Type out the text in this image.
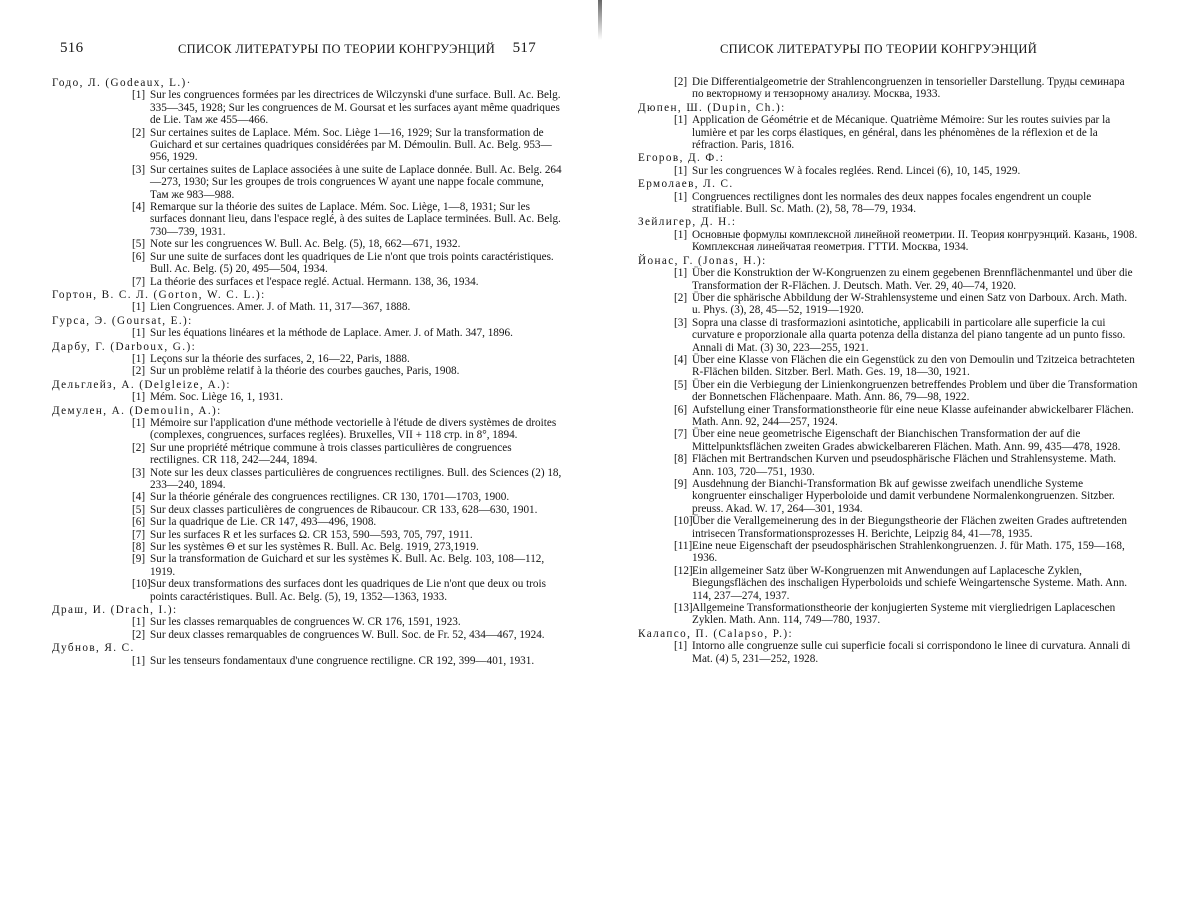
516	СПИСОК ЛИТЕРАТУРЫ ПО ТЕОРИИ КОНГРУЭНЦИЙ
Годо, Л. (Godeaux, L.)·
[1] Sur les congruences formées par les directrices de Wilczynski d'une surface. Bull. Ac. Belg. 335—345, 1928; Sur les congruences de M. Goursat et les surfaces ayant même quadriques de Lie. Там же 455—466.
[2] Sur certaines suites de Laplace. Mém. Soc. Liège 1—16, 1929; Sur la transformation de Guichard et sur certaines quadriques considérées par M. Démoulin. Bull. Ac. Belg. 953—956, 1929.
[3] Sur certaines suites de Laplace associées à une suite de Laplace donnée. Bull. Ac. Belg. 264—273, 1930; Sur les groupes de trois congruences W ayant une nappe focale commune, Там же 983—988.
[4] Remarque sur la théorie des suites de Laplace. Mém. Soc. Liège, 1—8, 1931; Sur les surfaces donnant lieu, dans l'espace reglé, à des suites de Laplace terminées. Bull. Ac. Belg. 730—739, 1931.
[5] Note sur les congruences W. Bull. Ac. Belg. (5), 18, 662—671, 1932.
[6] Sur une suite de surfaces dont les quadriques de Lie n'ont que trois points caractéristiques. Bull. Ac. Belg. (5) 20, 495—504, 1934.
[7] La théorie des surfaces et l'espace reglé. Actual. Hermann. 138, 36, 1934.
Гортон, В. С. Л. (Gorton, W. C. L.):
[1] Lien Congruences. Amer. J. of Math. 11, 317—367, 1888.
Гурса, Э. (Goursat, E.):
[1] Sur les équations linéares et la méthode de Laplace. Amer. J. of Math. 347, 1896.
Дарбу, Г. (Darboux, G.):
[1] Leçons sur la théorie des surfaces, 2, 16—22, Paris, 1888.
[2] Sur un problème relatif à la théorie des courbes gauches, Paris, 1908.
Дельглейз, А. (Delgleize, A.):
[1] Mém. Soc. Liège 16, 1, 1931.
Демулен, А. (Demoulin, A.):
[1] Mémoire sur l'application d'une méthode vectorielle à l'étude de divers systèmes de droites (complexes, congruences, surfaces reglées). Bruxelles, VII + 118 стр. in 8°, 1894.
[2] Sur une propriété métrique commune à trois classes particulières de congruences rectilignes. CR 118, 242—244, 1894.
[3] Note sur les deux classes particulières de congruences rectilignes. Bull. des Sciences (2) 18, 233—240, 1894.
[4] Sur la théorie générale des congruences rectilignes. CR 130, 1701—1703, 1900.
[5] Sur deux classes particulières de congruences de Ribaucour. CR 133, 628—630, 1901.
[6] Sur la quadrique de Lie. CR 147, 493—496, 1908.
[7] Sur les surfaces R et les surfaces Ω. CR 153, 590—593, 705, 797, 1911.
[8] Sur les systèmes Θ et sur les systèmes R. Bull. Ac. Belg. 1919, 273,1919.
[9] Sur la transformation de Guichard et sur les systèmes K. Bull. Ac. Belg. 103, 108—112, 1919.
[10]Sur deux transformations des surfaces dont les quadriques de Lie n'ont que deux ou trois points caractéristiques. Bull. Ac. Belg. (5), 19, 1352—1363, 1933.
Драш, И. (Drach, I.):
[1] Sur les classes remarquables de congruences W. CR 176, 1591, 1923.
[2] Sur deux classes remarquables de congruences W. Bull. Soc. de Fr. 52, 434—467, 1924.
Дубнов, Я. С.
[1] Sur les tenseurs fondamentaux d'une congruence rectiligne. CR 192, 399—401, 1931.
СПИСОК ЛИТЕРАТУРЫ ПО ТЕОРИИ КОНГРУЭНЦИЙ
517
[2] Die Differentialgeometrie der Strahlencongruenzen in tensorieller Darstellung. Труды семинара по векторному и тензорному анализу. Москва, 1933.
Дюпен, Ш. (Dupin, Ch.):
[1] Application de Géométrie et de Mécanique. Quatrième Mémoire: Sur les routes suivies par la lumière et par les corps élastiques, en général, dans les phénomènes de la réflexion et de la réfraction. Paris, 1816.
Егоров, Д. Ф.:
[1] Sur les congruences W à focales reglées. Rend. Lincei (6), 10, 145, 1929.
Ермолаев, Л. С.
[1] Congruences rectilignes dont les normales des deux nappes focales engendrent un couple stratifiable. Bull. Sc. Math. (2), 58, 78—79, 1934.
Зейлигер, Д. Н.:
[1] Основные формулы комплексной линейной геометрии. II. Теория конгруэнций. Казань, 1908. Комплексная линейчатая геометрия. ГТТИ. Москва, 1934.
Йонас, Г. (Jonas, H.):
[1] Über die Konstruktion der W-Kongruenzen zu einem gegebenen Brennflächenmantel und über die Transformation der R-Flächen. J. Deutsch. Math. Ver. 29, 40—74, 1920.
[2] Über die sphärische Abbildung der W-Strahlensysteme und einen Satz von Darboux. Arch. Math. u. Phys. (3), 28, 45—52, 1919—1920.
[3] Sopra una classe di trasformazioni asintotiche, applicabili in particolare alle superficie la cui curvature e proporzionale alla quarta potenza della distanza del piano tangente ad un punto fisso. Annali di Mat. (3) 30, 223—255, 1921.
[4] Über eine Klasse von Flächen die ein Gegenstück zu den von Demoulin und Tzitzeica betrachteten R-Flächen bilden. Sitzber. Berl. Math. Ges. 19, 18—30, 1921.
[5] Über ein die Verbiegung der Linienkongruenzen betreffendes Problem und über die Transformation der Bonnetschen Flächenpaare. Math. Ann. 86, 79—98, 1922.
[6] Aufstellung einer Transformationstheorie für eine neue Klasse aufeinander abwickelbarer Flächen. Math. Ann. 92, 244—257, 1924.
[7] Über eine neue geometrische Eigenschaft der Bianchischen Transformation der auf die Mittelpunktsflächen zweiten Grades abwickelbareren Flächen. Math. Ann. 99, 435—478, 1928.
[8] Flächen mit Bertrandschen Kurven und pseudosphärische Flächen und Strahlensysteme. Math. Ann. 103, 720—751, 1930.
[9] Ausdehnung der Bianchi-Transformation Bk auf gewisse zweifach unendliche Systeme kongruenter einschaliger Hyperboloide und damit verbundene Normalenkongruenzen. Sitzber. preuss. Akad. W. 17, 264—301, 1934.
[10]Über die Verallgemeinerung des in der Biegungstheorie der Flächen zweiten Grades auftretenden intrisecen Transformationsprozesses H. Berichte, Leipzig 84, 41—78, 1935.
[11]Eine neue Eigenschaft der pseudosphärischen Strahlenkongruenzen. J. für Math. 175, 159—168, 1936.
[12]Ein allgemeiner Satz über W-Kongruenzen mit Anwendungen auf Laplacesche Zyklen, Biegungsflächen des inschaligen Hyperboloids und schiefe Weingartensche Systeme. Math. Ann. 114, 237—274, 1937.
[13]Allgemeine Transformationstheorie der konjugierten Systeme mit viergliedrigen Laplaceschen Zyklen. Math. Ann. 114, 749—780, 1937.
Калапсо, П. (Calapso, P.):
[1] Intorno alle congruenze sulle cui superficie focali si corrispondono le linee di curvatura. Annali di Mat. (4) 5, 231—252, 1928.
